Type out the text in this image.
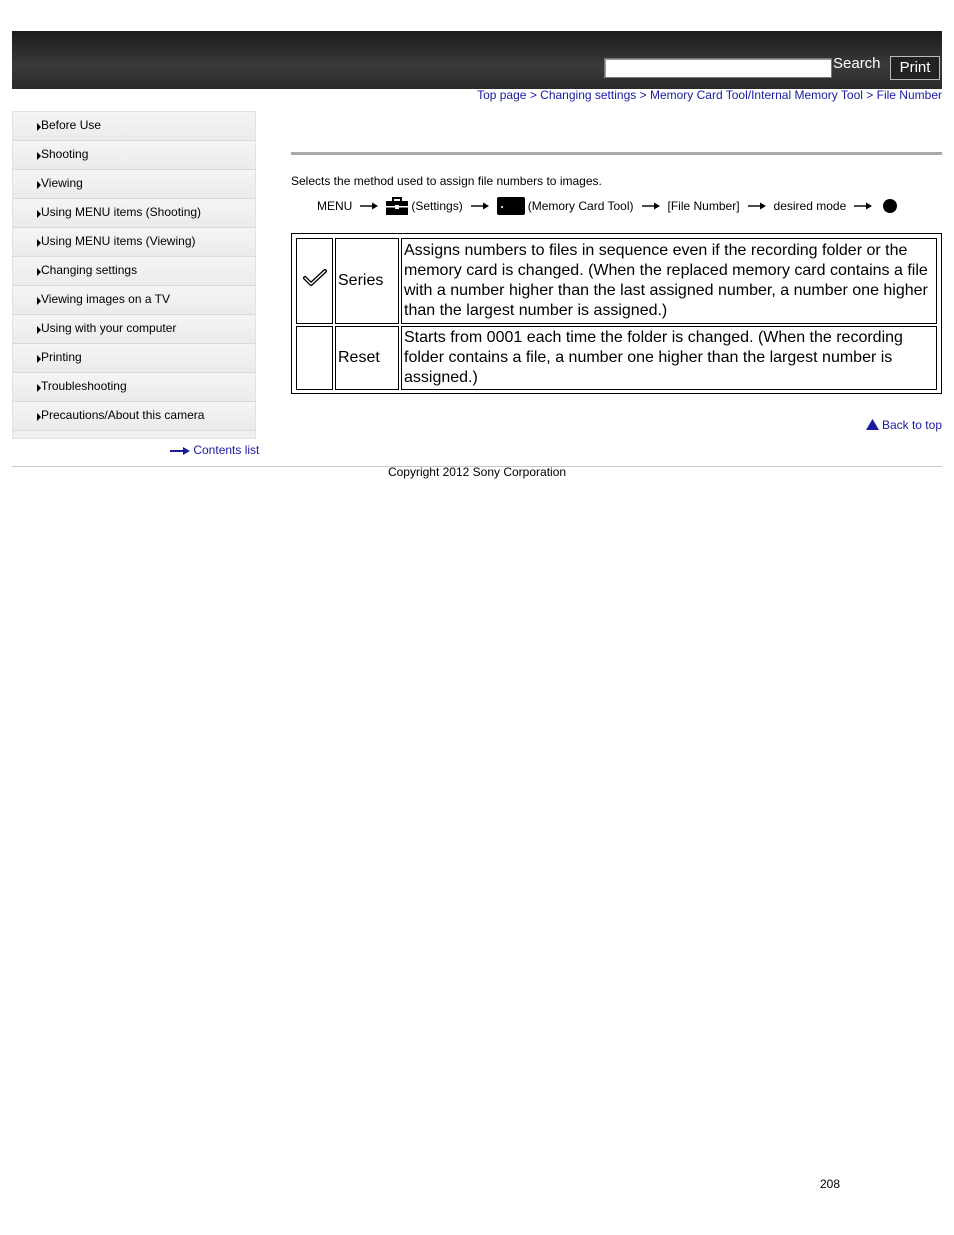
Search	Print
Top page > Changing settings > Memory Card Tool/Internal Memory Tool > File Number
Before Use
Shooting
Viewing
Using MENU items (Shooting)
Using MENU items (Viewing)
Changing settings
Viewing images on a TV
Using with your computer
Printing
Troubleshooting
Precautions/About this camera
Contents list
Selects the method used to assign file numbers to images.
MENU	(Settings)	(Memory Card Tool)	[File Number]	desired mode
	Series	Assigns numbers to files in sequence even if the recording folder or the memory card is changed. (When the replaced memory card contains a file with a number higher than the last assigned number, a number one higher than the largest number is assigned.)
	Reset	Starts from 0001 each time the folder is changed. (When the recording folder contains a file, a number one higher than the largest number is assigned.)
Back to top
Copyright 2012 Sony Corporation
208
